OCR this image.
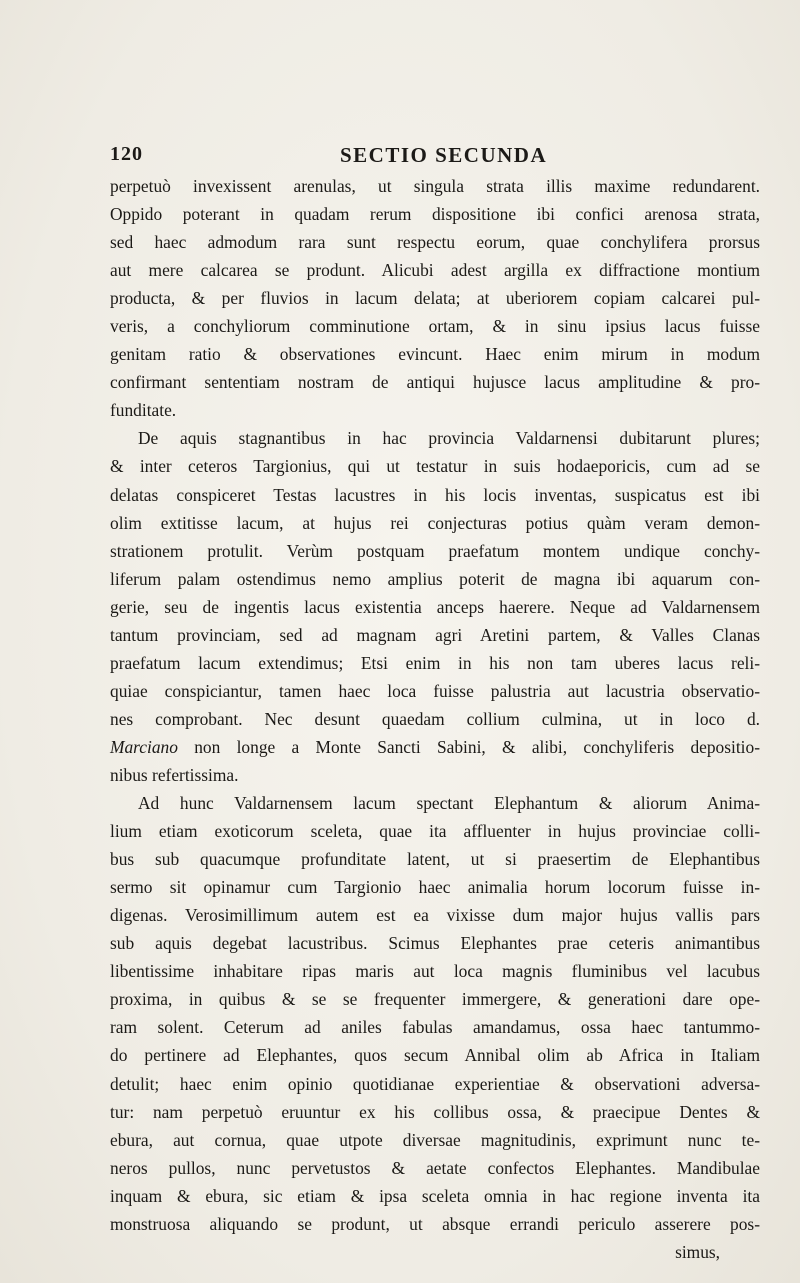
120	SECTIO SECUNDA
perpetuò invexissent arenulas, ut singula strata illis maxime redundarent.
Oppido poterant in quadam rerum dispositione ibi confici arenosa strata,
sed haec admodum rara sunt respectu eorum, quae conchylifera prorsus
aut mere calcarea se produnt. Alicubi adest argilla ex diffractione montium
producta, & per fluvios in lacum delata; at uberiorem copiam calcarei pul-
veris, a conchyliorum comminutione ortam, & in sinu ipsius lacus fuisse
genitam ratio & observationes evincunt. Haec enim mirum in modum
confirmant sententiam nostram de antiqui hujusce lacus amplitudine & pro-
funditate.
De aquis stagnantibus in hac provincia Valdarnensi dubitarunt plures;
& inter ceteros Targionius, qui ut testatur in suis hodaeporicis, cum ad se
delatas conspiceret Testas lacustres in his locis inventas, suspicatus est ibi
olim extitisse lacum, at hujus rei conjecturas potius quàm veram demon-
strationem protulit. Verùm postquam praefatum montem undique conchy-
liferum palam ostendimus nemo amplius poterit de magna ibi aquarum con-
gerie, seu de ingentis lacus existentia anceps haerere. Neque ad Valdarnensem
tantum provinciam, sed ad magnam agri Aretini partem, & Valles Clanas
praefatum lacum extendimus; Etsi enim in his non tam uberes lacus reli-
quiae conspiciantur, tamen haec loca fuisse palustria aut lacustria observatio-
nes comprobant. Nec desunt quaedam collium culmina, ut in loco d.
Marciano non longe a Monte Sancti Sabini, & alibi, conchyliferis depositio-
nibus refertissima.
Ad hunc Valdarnensem lacum spectant Elephantum & aliorum Anima-
lium etiam exoticorum sceleta, quae ita affluenter in hujus provinciae colli-
bus sub quacumque profunditate latent, ut si praesertim de Elephantibus
sermo sit opinamur cum Targionio haec animalia horum locorum fuisse in-
digenas. Verosimillimum autem est ea vixisse dum major hujus vallis pars
sub aquis degebat lacustribus. Scimus Elephantes prae ceteris animantibus
libentissime inhabitare ripas maris aut loca magnis fluminibus vel lacubus
proxima, in quibus & se se frequenter immergere, & generationi dare ope-
ram solent. Ceterum ad aniles fabulas amandamus, ossa haec tantummo-
do pertinere ad Elephantes, quos secum Annibal olim ab Africa in Italiam
detulit; haec enim opinio quotidianae experientiae & observationi adversa-
tur: nam perpetuò eruuntur ex his collibus ossa, & praecipue Dentes &
ebura, aut cornua, quae utpote diversae magnitudinis, exprimunt nunc te-
neros pullos, nunc pervetustos & aetate confectos Elephantes. Mandibulae
inquam & ebura, sic etiam & ipsa sceleta omnia in hac regione inventa ita
monstruosa aliquando se produnt, ut absque errandi periculo asserere pos-
simus,
